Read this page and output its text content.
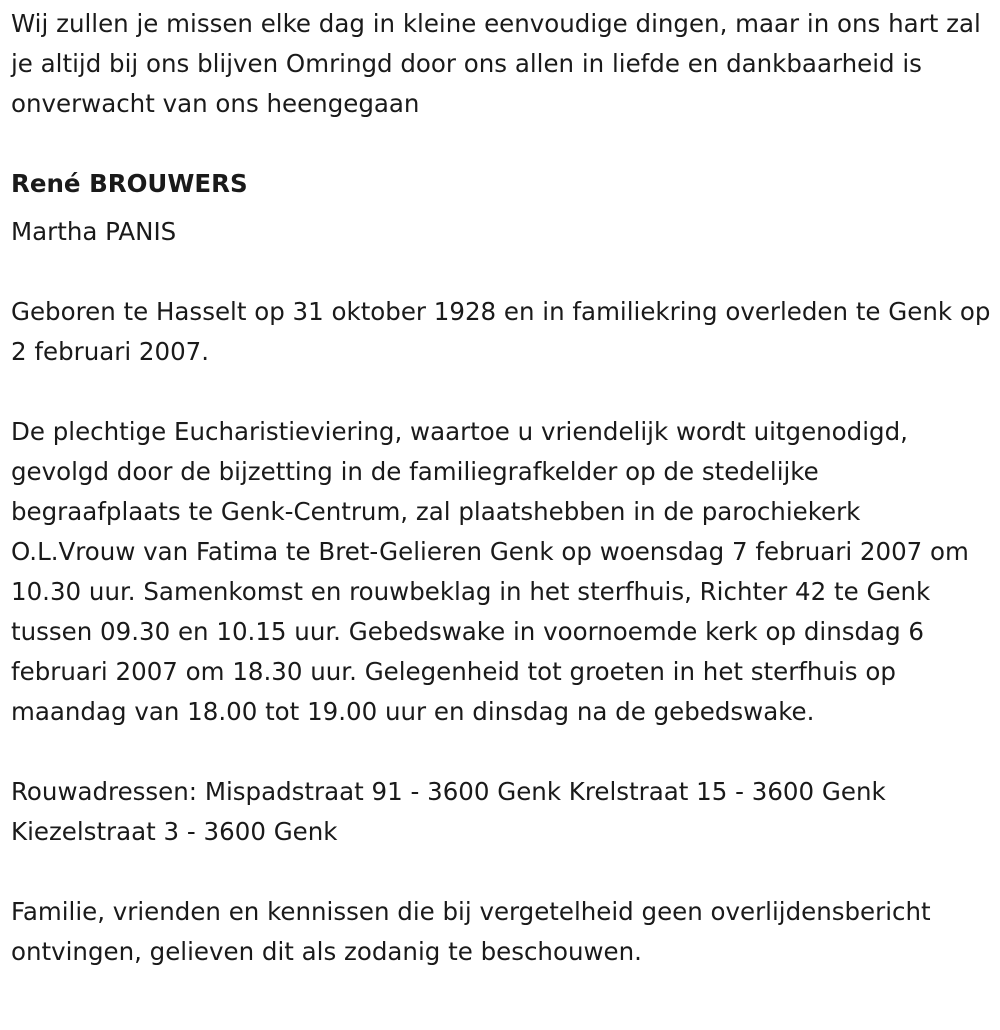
Wij zullen je missen elke dag in kleine eenvoudige dingen, maar in ons hart zal je altijd bij ons blijven Omringd door ons allen in liefde en dankbaarheid is onverwacht van ons heengegaan

René BROUWERS

Martha PANIS

Geboren te Hasselt op 31 oktober 1928 en in familiekring overleden te Genk op 2 februari 2007.

De plechtige Eucharistieviering, waartoe u vriendelijk wordt uitgenodigd, gevolgd door de bijzetting in de familiegrafkelder op de stedelijke begraafplaats te Genk-Centrum, zal plaatshebben in de parochiekerk O.L.Vrouw van Fatima te Bret-Gelieren Genk op woensdag 7 februari 2007 om 10.30 uur. Samenkomst en rouwbeklag in het sterfhuis, Richter 42 te Genk tussen 09.30 en 10.15 uur. Gebedswake in voornoemde kerk op dinsdag 6 februari 2007 om 18.30 uur. Gelegenheid tot groeten in het sterfhuis op maandag van 18.00 tot 19.00 uur en dinsdag na de gebedswake.

Rouwadressen: Mispadstraat 91 - 3600 Genk Krelstraat 15 - 3600 Genk Kiezelstraat 3 - 3600 Genk

Familie, vrienden en kennissen die bij vergetelheid geen overlijdensbericht ontvingen, gelieven dit als zodanig te beschouwen.
